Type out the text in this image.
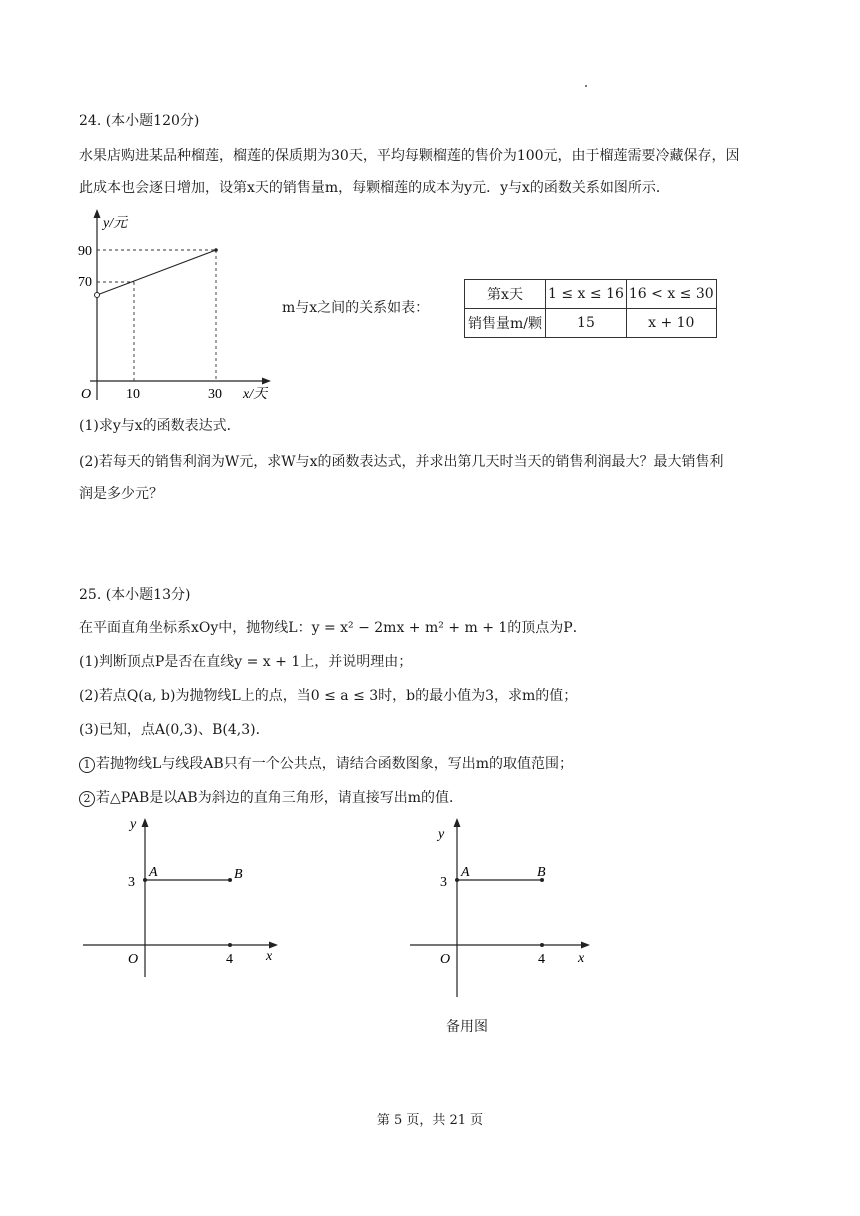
24. (本小题120分)
水果店购进某品种榴莲，榴莲的保质期为30天，平均每颗榴莲的售价为100元，由于榴莲需要冷藏保存，因
此成本也会逐日增加，设第x天的销售量m，每颗榴莲的成本为y元．y与x的函数关系如图所示．
y/元
90
70
O 10	30 x/天
m与x之间的关系如表：
第x天	1 ≤ x ≤ 16	16 < x ≤ 30
销售量m/颗	15	x + 10
(1)求y与x的函数表达式．
(2)若每天的销售利润为W元，求W与x的函数表达式，并求出第几天时当天的销售利润最大？最大销售利
润是多少元？
25. (本小题13分)
在平面直角坐标系xOy中，抛物线L：y = x² − 2mx + m² + m + 1的顶点为P．
(1)判断顶点P是否在直线y = x + 1上，并说明理由；
(2)若点Q(a, b)为抛物线L上的点，当0 ≤ a ≤ 3时，b的最小值为3，求m的值；
(3)已知，点A(0,3)、B(4,3)．
1 若抛物线L与线段AB只有一个公共点，请结合函数图象，写出m的取值范围；
2 若△PAB是以AB为斜边的直角三角形，请直接写出m的值．
y
3
A	B
O	4 x
y
3
A	B
O	4 x
备用图
第 5 页，共 21 页
